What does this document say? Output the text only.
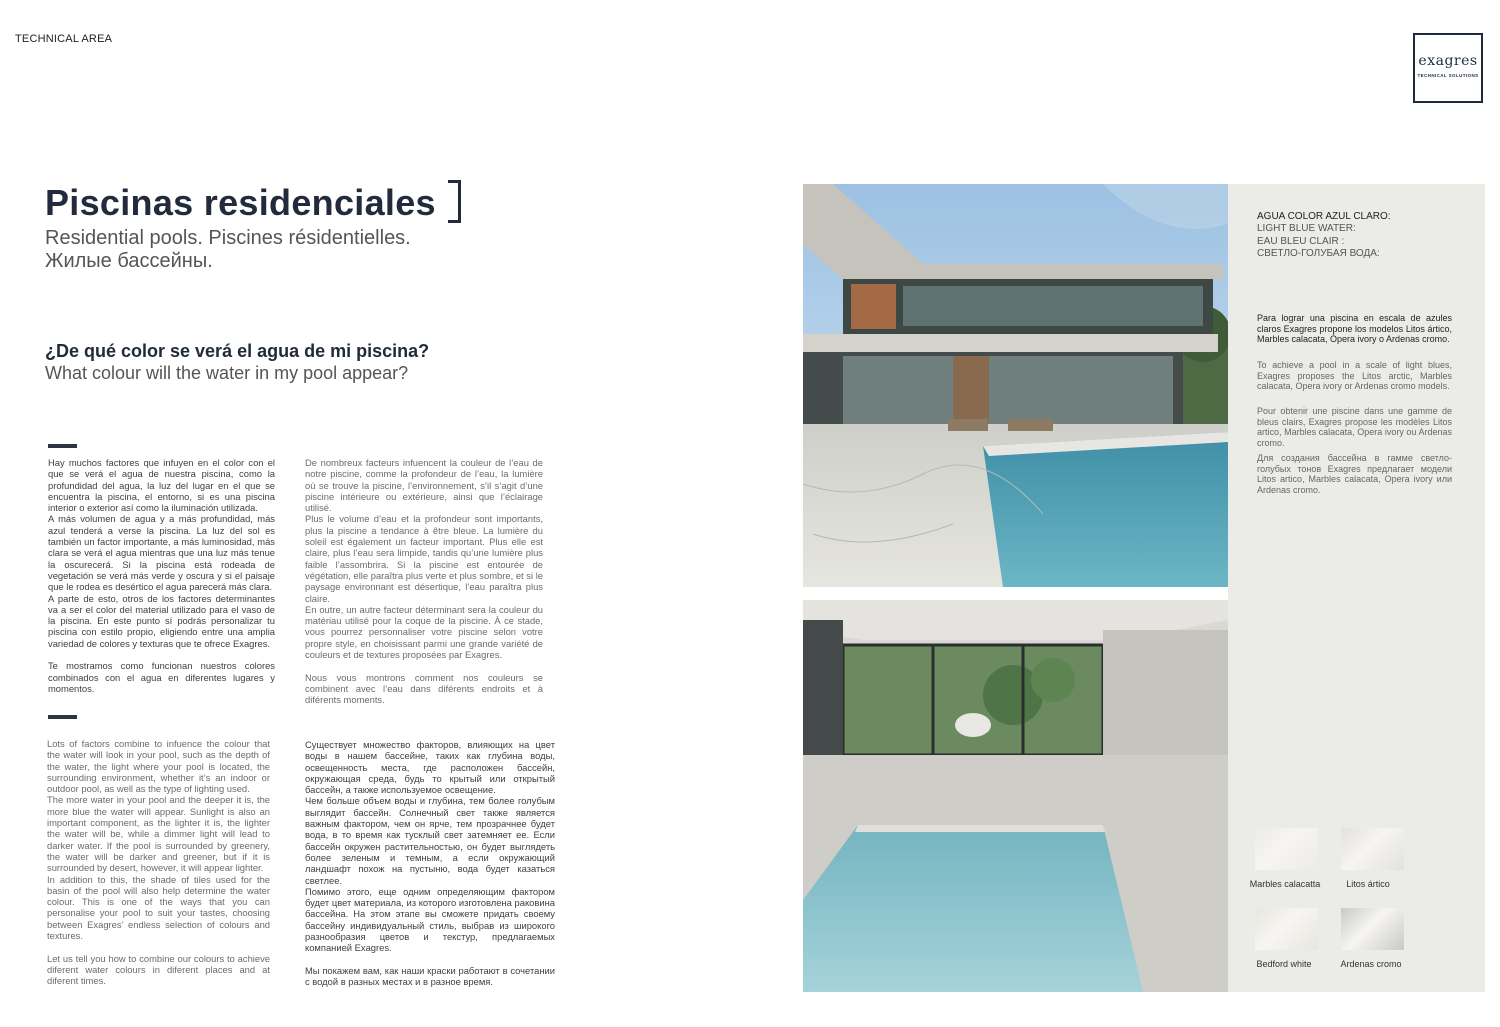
TECHNICAL AREA
exagres
TECHNICAL SOLUTIONS
Piscinas residenciales
Residential pools. Piscines résidentielles. Жилые бассейны.
¿De qué color se verá el agua de mi piscina?
What colour will the water in my pool appear?
Hay muchos factores que infuyen en el color con el que se verá el agua de nuestra piscina, como la profundidad del agua, la luz del lugar en el que se encuentra la piscina, el entorno, si es una piscina interior o exterior así como la iluminación utilizada.
A más volumen de agua y a más profundidad, más azul tenderá a verse la piscina. La luz del sol es también un factor importante, a más luminosidad, más clara se verá el agua mientras que una luz más tenue la oscurecerá. Si la piscina está rodeada de vegetación se verá más verde y oscura y si el paisaje que le rodea es desértico el agua parecerá más clara.
A parte de esto, otros de los factores determinantes va a ser el color del material utilizado para el vaso de la piscina. En este punto sí podrás personalizar tu piscina con estilo propio, eligiendo entre una amplia variedad de colores y texturas que te ofrece Exagres.

Te mostramos como funcionan nuestros colores combinados con el agua en diferentes lugares y momentos.
De nombreux facteurs infuencent la couleur de l’eau de notre piscine, comme la profondeur de l’eau, la lumière où se trouve la piscine, l’environnement, s’il s’agit d’une piscine intérieure ou extérieure, ainsi que l’éclairage utilisé.
Plus le volume d’eau et la profondeur sont importants, plus la piscine a tendance à être bleue. La lumière du soleil est également un facteur important. Plus elle est claire, plus l’eau sera limpide, tandis qu’une lumière plus faible l’assombrira. Si la piscine est entourée de végétation, elle paraîtra plus verte et plus sombre, et si le paysage environnant est désertique, l’eau paraîtra plus claire.
En outre, un autre facteur déterminant sera la couleur du matériau utilisé pour la coque de la piscine. À ce stade, vous pourrez personnaliser votre piscine selon votre propre style, en choisissant parmi une grande variété de couleurs et de textures proposées par Exagres.

Nous vous montrons comment nos couleurs se combinent avec l’eau dans diférents endroits et à diférents moments.
Lots of factors combine to infuence the colour that the water will look in your pool, such as the depth of the water, the light where your pool is located, the surrounding environment, whether it’s an indoor or outdoor pool, as well as the type of lighting used.
The more water in your pool and the deeper it is, the more blue the water will appear. Sunlight is also an important component, as the lighter it is, the lighter the water will be, while a dimmer light will lead to darker water. If the pool is surrounded by greenery, the water will be darker and greener, but if it is surrounded by desert, however, it will appear lighter.
In addition to this, the shade of tiles used for the basin of the pool will also help determine the water colour. This is one of the ways that you can personalise your pool to suit your tastes, choosing between Exagres’ endless selection of colours and textures.

Let us tell you how to combine our colours to achieve diferent water colours in diferent places and at diferent times.
Существует множество факторов, влияющих на цвет воды в нашем бассейне, таких как глубина воды, освещенность места, где расположен бассейн, окружающая среда, будь то крытый или открытый бассейн, а также используемое освещение.
Чем больше объем воды и глубина, тем более голубым выглядит бассейн. Солнечный свет также является важным фактором, чем он ярче, тем прозрачнее будет вода, в то время как тусклый свет затемняет ее. Если бассейн окружен растительностью, он будет выглядеть более зеленым и темным, а если окружающий ландшафт похож на пустыню, вода будет казаться светлее.
Помимо этого, еще одним определяющим фактором будет цвет материала, из которого изготовлена раковина бассейна. На этом этапе вы сможете придать своему бассейну индивидуальный стиль, выбрав из широкого разнообразия цветов и текстур, предлагаемых компанией Exagres.

Мы покажем вам, как наши краски работают в сочетании с водой в разных местах и в разное время.
AGUA COLOR AZUL CLARO:
LIGHT BLUE WATER:
EAU BLEU CLAIR :
СВЕТЛО-ГОЛУБАЯ ВОДА:
Para lograr una piscina en escala de azules claros Exagres propone los modelos Litos ártico, Marbles calacata, Ópera ivory o Ardenas cromo.
To achieve a pool in a scale of light blues, Exagres proposes the Litos arctic, Marbles calacata, Opera ivory or Ardenas cromo models.
Pour obtenir une piscine dans une gamme de bleus clairs, Exagres propose les modèles Litos artico, Marbles calacata, Opera ivory ou Ardenas cromo.
Для создания бассейна в гамме светло-голубых тонов Exagres предлагает модели Litos artico, Marbles calacata, Opera ivory или Ardenas cromo.
Marbles calacatta	Litos ártico
Bedford white	Ardenas cromo
